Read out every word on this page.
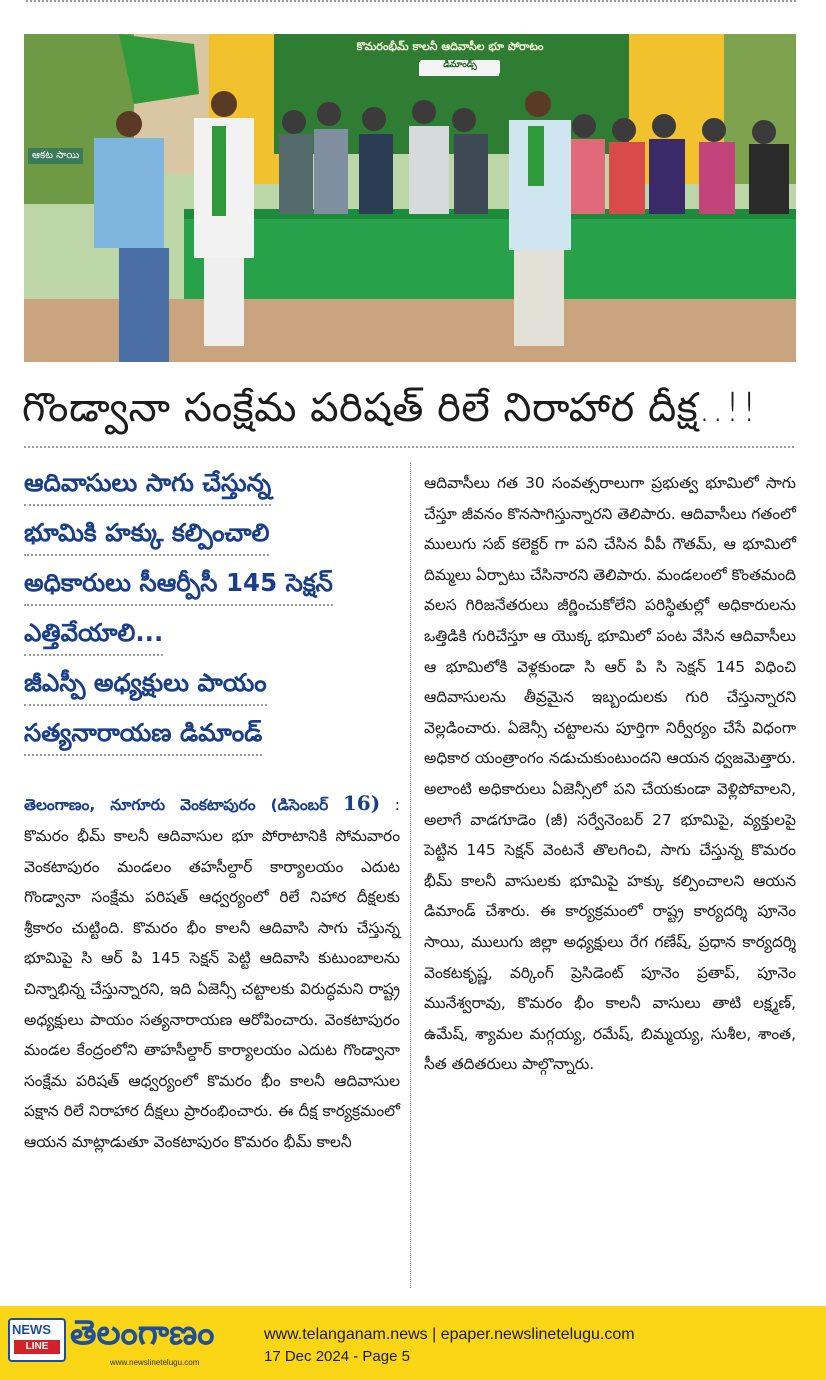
కొమరంభీమ్ కాలనీ ఆదివాసీల భూ పోరాటం
డిమాండ్స్
ఆకట సాయి
గొండ్వానా సంక్షేమ పరిషత్ రిలే నిరాహార దీక్ష..!!
ఆదివాసులు సాగు చేస్తున్న
భూమికి హక్కు కల్పించాలి
అధికారులు సీఆర్పీసీ 145 సెక్షన్
ఎత్తివేయాలి...
జీఎస్పీ అధ్యక్షులు పాయం
సత్యనారాయణ డిమాండ్

తెలంగాణం, నూగూరు వెంకటాపురం (డిసెంబర్ 16) : కొమరం భీమ్ కాలనీ ఆదివాసుల భూ పోరాటానికి సోమవారం వెంకటాపురం మండలం తహసీల్దార్ కార్యాలయం ఎదుట గొండ్వానా సంక్షేమ పరిషత్ ఆధ్వర్యంలో రిలే నిహార దీక్షలకు శ్రీకారం చుట్టింది. కొమరం భీం కాలనీ ఆదివాసి సాగు చేస్తున్న భూమిపై సి ఆర్ పి 145 సెక్షన్ పెట్టి ఆదివాసి కుటుంబాలను చిన్నాభిన్న చేస్తున్నారని, ఇది ఏజెన్సీ చట్టాలకు విరుద్ధమని రాష్ట్ర అధ్యక్షులు పాయం సత్యనారాయణ ఆరోపించారు. వెంకటాపురం మండల కేంద్రంలోని తాహసీల్దార్ కార్యాలయం ఎదుట గొండ్వానా సంక్షేమ పరిషత్ ఆధ్వర్యంలో కొమరం భీం కాలనీ ఆదివాసుల పక్షాన రిలే నిరాహార దీక్షలు ప్రారంభించారు. ఈ దీక్ష కార్యక్రమంలో ఆయన మాట్లాడుతూ వెంకటాపురం కొమరం భీమ్ కాలనీ

ఆదివాసీలు గత 30 సంవత్సరాలుగా ప్రభుత్వ భూమిలో సాగు చేస్తూ జీవనం కొనసాగిస్తున్నారని తెలిపారు. ఆదివాసీలు గతంలో ములుగు సబ్ కలెక్టర్ గా పని చేసిన వీపీ గౌతమ్, ఆ భూమిలో దిమ్మలు ఏర్పాటు చేసినారని తెలిపారు. మండలంలో కొంతమంది వలస గిరిజనేతరులు జీర్ణించుకోలేని పరిస్థితుల్లో అధికారులను ఒత్తిడికి గురిచేస్తూ ఆ యొక్క భూమిలో పంట వేసిన ఆదివాసీలు ఆ భూమిలోకి వెళ్లకుండా సి ఆర్ పి సి సెక్షన్ 145 విధించి ఆదివాసులను తీవ్రమైన ఇబ్బందులకు గురి చేస్తున్నారని వెల్లడించారు. ఏజెన్సీ చట్టాలను పూర్తిగా నిర్వీర్యం చేసే విధంగా అధికార యంత్రాంగం నడుచుకుంటుందని ఆయన ధ్వజమెత్తారు. అలాంటి అధికారులు ఏజెన్సీలో పని చేయకుండా వెళ్లిపోవాలని, అలాగే వాడగూడెం (జీ) సర్వేనెంబర్ 27 భూమిపై, వ్యక్తులపై పెట్టిన 145 సెక్షన్ వెంటనే తొలగించి, సాగు చేస్తున్న కొమరం భీమ్ కాలనీ వాసులకు భూమిపై హక్కు కల్పించాలని ఆయన డిమాండ్ చేశారు. ఈ కార్యక్రమంలో రాష్ట్ర కార్యదర్శి పూనెం సాయి, ములుగు జిల్లా అధ్యక్షులు రేగ గణేష్, ప్రధాన కార్యదర్శి వెంకటకృష్ణ, వర్కింగ్ ప్రెసిడెంట్ పూనెం ప్రతాప్, పూనెం మునేశ్వరావు, కొమరం భీం కాలనీ వాసులు తాటి లక్ష్మణ్, ఉమేష్, శ్యామల మగ్గయ్య, రమేష్, బిమ్మయ్య, సుశీల, శాంత, సీత తదితరులు పాల్గొన్నారు.

NEWS
LINE తెలంగాణం
www.newslinetelugu.com
www.telanganam.news | epaper.newslinetelugu.com
17 Dec 2024 - Page 5
